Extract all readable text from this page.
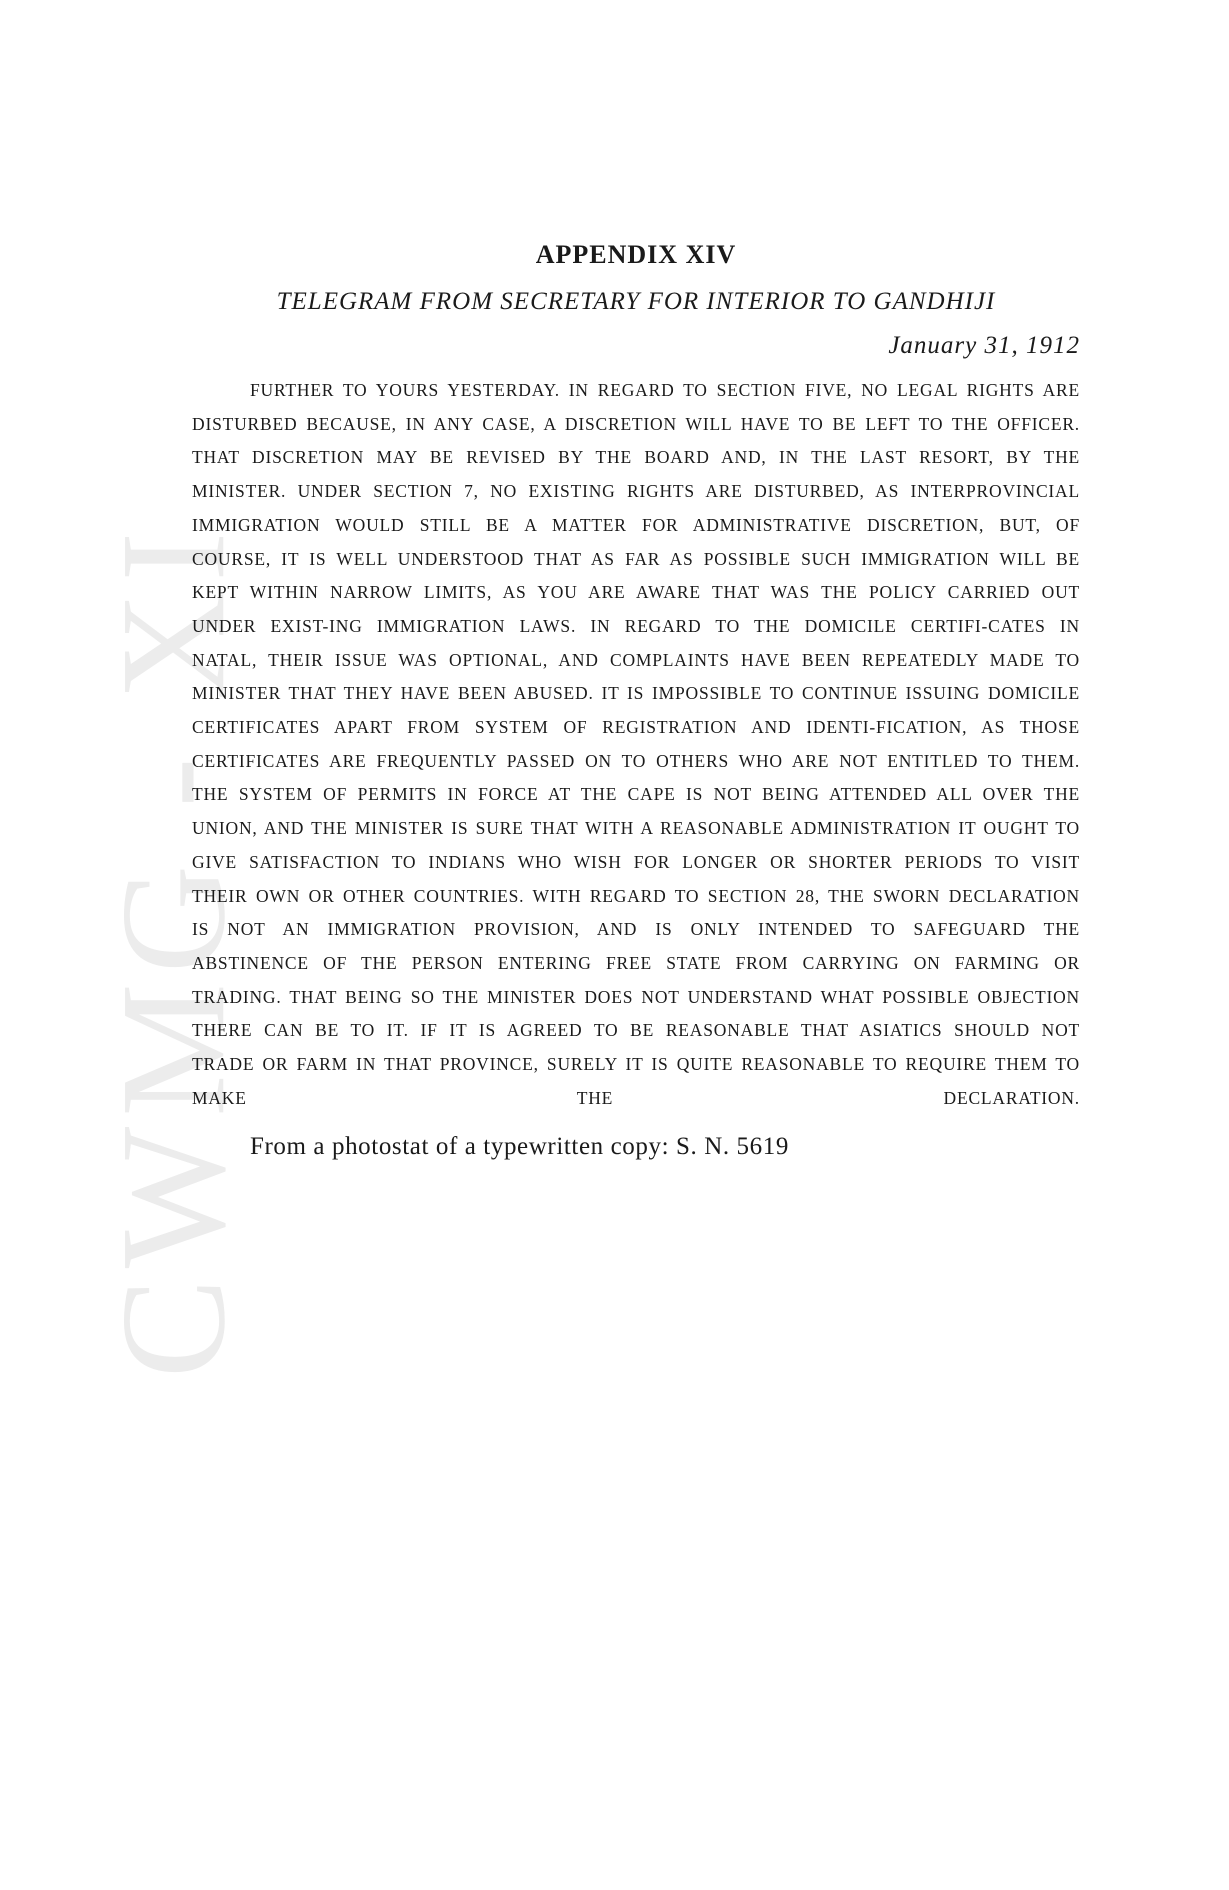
CWMG - XI
APPENDIX XIV
TELEGRAM FROM SECRETARY FOR INTERIOR TO GANDHIJI
January 31, 1912

FURTHER TO YOURS YESTERDAY. IN REGARD TO SECTION FIVE, NO LEGAL RIGHTS ARE DISTURBED BECAUSE, IN ANY CASE, A DISCRETION WILL HAVE TO BE LEFT TO THE OFFICER. THAT DISCRETION MAY BE REVISED BY THE BOARD AND, IN THE LAST RESORT, BY THE MINISTER. UNDER SECTION 7, NO EXISTING RIGHTS ARE DISTURBED, AS INTERPROVINCIAL IMMIGRATION WOULD STILL BE A MATTER FOR ADMINISTRATIVE DISCRETION, BUT, OF COURSE, IT IS WELL UNDERSTOOD THAT AS FAR AS POSSIBLE SUCH IMMIGRATION WILL BE KEPT WITHIN NARROW LIMITS, AS YOU ARE AWARE THAT WAS THE POLICY CARRIED OUT UNDER EXIST-ING IMMIGRATION LAWS. IN REGARD TO THE DOMICILE CERTIFI-CATES IN NATAL, THEIR ISSUE WAS OPTIONAL, AND COMPLAINTS HAVE BEEN REPEATEDLY MADE TO MINISTER THAT THEY HAVE BEEN ABUSED. IT IS IMPOSSIBLE TO CONTINUE ISSUING DOMICILE CERTIFICATES APART FROM SYSTEM OF REGISTRATION AND IDENTI-FICATION, AS THOSE CERTIFICATES ARE FREQUENTLY PASSED ON TO OTHERS WHO ARE NOT ENTITLED TO THEM. THE SYSTEM OF PERMITS IN FORCE AT THE CAPE IS NOT BEING ATTENDED ALL OVER THE UNION, AND THE MINISTER IS SURE THAT WITH A REASONABLE ADMINISTRATION IT OUGHT TO GIVE SATISFACTION TO INDIANS WHO WISH FOR LONGER OR SHORTER PERIODS TO VISIT THEIR OWN OR OTHER COUNTRIES. WITH REGARD TO SECTION 28, THE SWORN DECLARATION IS NOT AN IMMIGRATION PROVISION, AND IS ONLY INTENDED TO SAFEGUARD THE ABSTINENCE OF THE PERSON ENTERING FREE STATE FROM CARRYING ON FARMING OR TRADING. THAT BEING SO THE MINISTER DOES NOT UNDERSTAND WHAT POSSIBLE OBJECTION THERE CAN BE TO IT. IF IT IS AGREED TO BE REASONABLE THAT ASIATICS SHOULD NOT TRADE OR FARM IN THAT PROVINCE, SURELY IT IS QUITE REASONABLE TO REQUIRE THEM TO MAKE THE DECLARATION.

From a photostat of a typewritten copy: S. N. 5619
